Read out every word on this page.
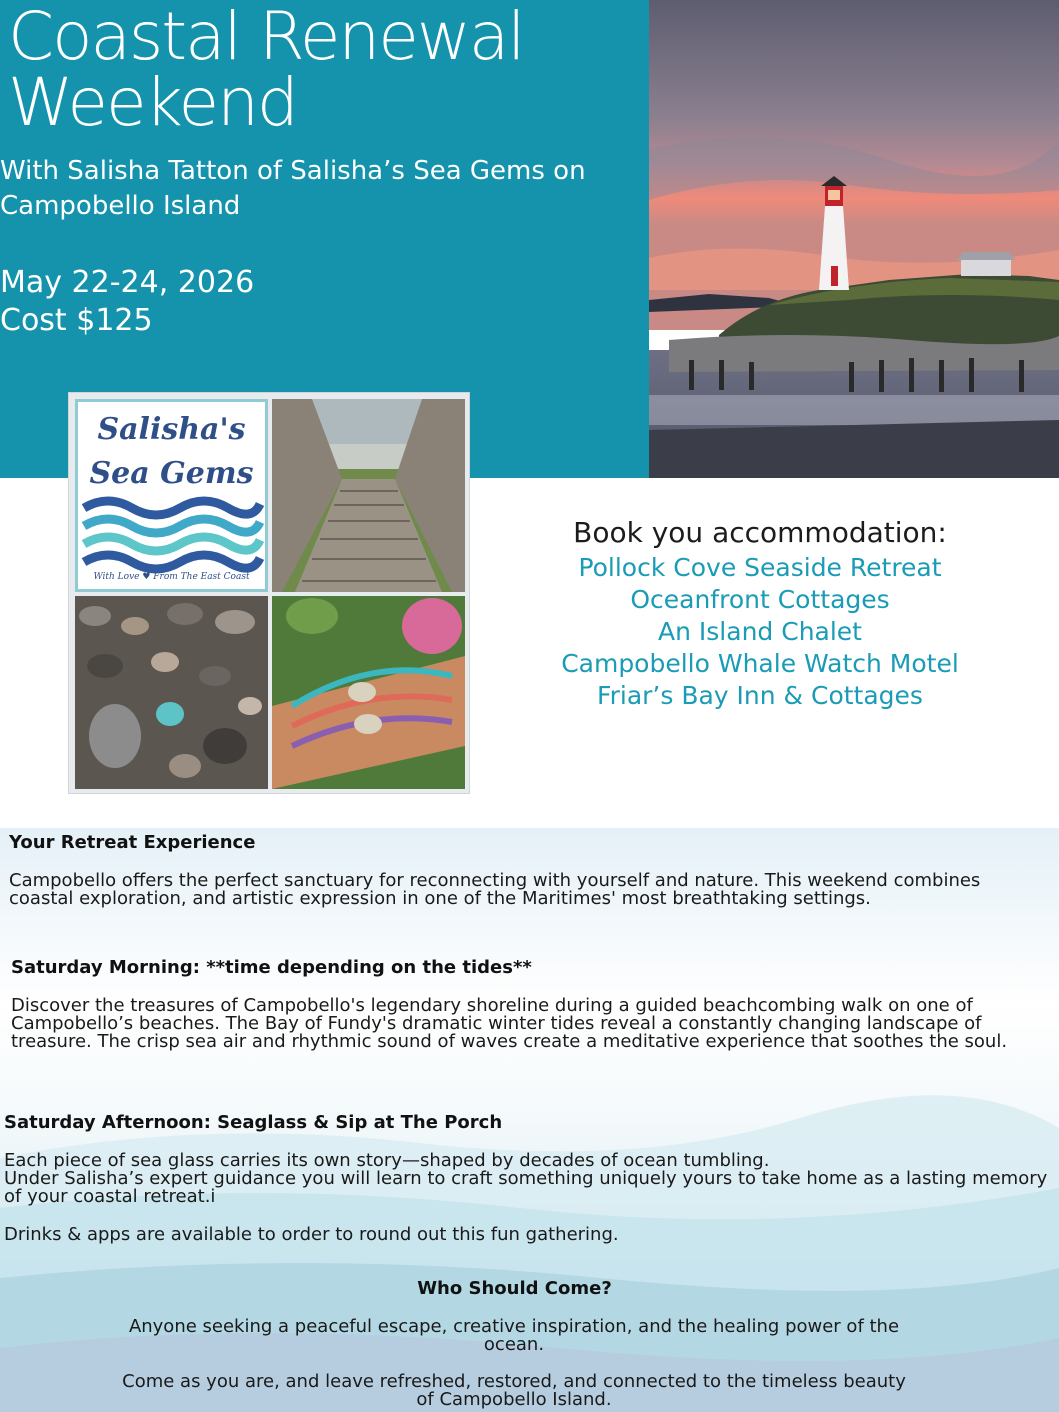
Coastal Renewal
Weekend

With Salisha Tatton of Salisha’s Sea Gems on Campobello Island

May 22-24, 2026
Cost $125
Salisha's
Sea Gems
With Love ♥ From The East Coast
Book you accommodation:
Pollock Cove Seaside Retreat
Oceanfront Cottages
An Island Chalet
Campobello Whale Watch Motel
Friar’s Bay Inn & Cottages
Your Retreat Experience

Campobello offers the perfect sanctuary for reconnecting with yourself and nature. This weekend combines coastal exploration, and artistic expression in one of the Maritimes' most breathtaking settings.

Saturday Morning: **time depending on the tides**

Discover the treasures of Campobello's legendary shoreline during a guided beachcombing walk on one of Campobello’s beaches. The Bay of Fundy's dramatic winter tides reveal a constantly changing landscape of treasure. The crisp sea air and rhythmic sound of waves create a meditative experience that soothes the soul.

Saturday Afternoon: Seaglass & Sip at The Porch

Each piece of sea glass carries its own story—shaped by decades of ocean tumbling.

Under Salisha’s expert guidance you will learn to craft something uniquely yours to take home as a lasting memory of your coastal retreat.i

Drinks & apps are available to order to round out this fun gathering.

Who Should Come?

Anyone seeking a peaceful escape, creative inspiration, and the healing power of the ocean.

Come as you are, and leave refreshed, restored, and connected to the timeless beauty of Campobello Island.
